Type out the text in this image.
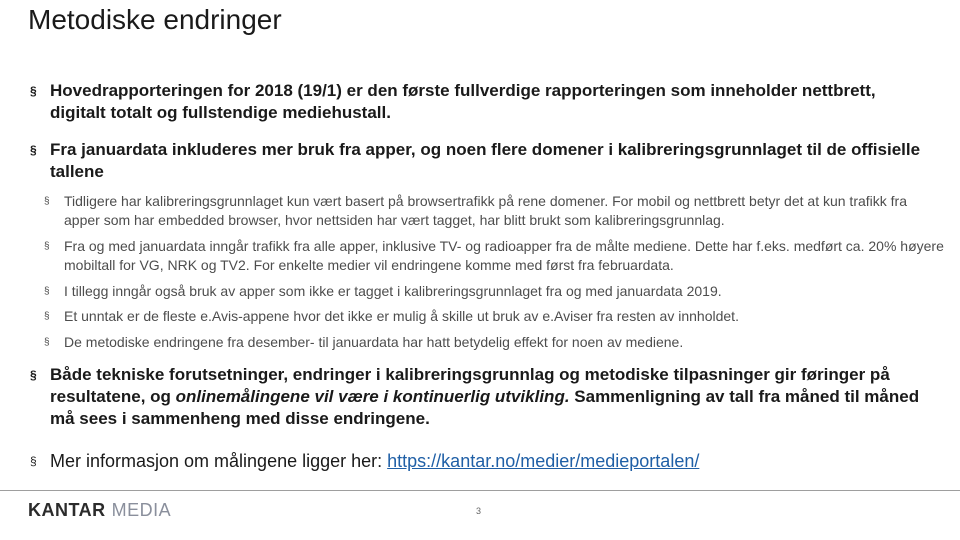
Metodiske endringer
§ Hovedrapporteringen for 2018 (19/1) er den første fullverdige rapporteringen som inneholder nettbrett, digitalt totalt og fullstendige mediehustall.
§ Fra januardata inkluderes mer bruk fra apper, og noen flere domener i kalibreringsgrunnlaget til de offisielle tallene
§ Tidligere har kalibreringsgrunnlaget kun vært basert på browsertrafikk på rene domener. For mobil og nettbrett betyr det at kun trafikk fra apper som har embedded browser, hvor nettsiden har vært tagget, har blitt brukt som kalibreringsgrunnlag.
§ Fra og med januardata inngår trafikk fra alle apper, inklusive TV- og radioapper fra de målte mediene. Dette har f.eks. medført ca. 20% høyere mobiltall for VG, NRK og TV2. For enkelte medier vil endringene komme med først fra februardata.
§ I tillegg inngår også bruk av apper som ikke er tagget i kalibreringsgrunnlaget fra og med januardata 2019.
§ Et unntak er de fleste e.Avis-appene hvor det ikke er mulig å skille ut bruk av e.Aviser fra resten av innholdet.
§ De metodiske endringene fra desember- til januardata har hatt betydelig effekt for noen av mediene.
§ Både tekniske forutsetninger, endringer i kalibreringsgrunnlag og metodiske tilpasninger gir føringer på resultatene, og onlinemålingene vil være i kontinuerlig utvikling. Sammenligning av tall fra måned til måned må sees i sammenheng med disse endringene.
§ Mer informasjon om målingene ligger her: https://kantar.no/medier/medieportalen/
KANTAR MEDIA	3
